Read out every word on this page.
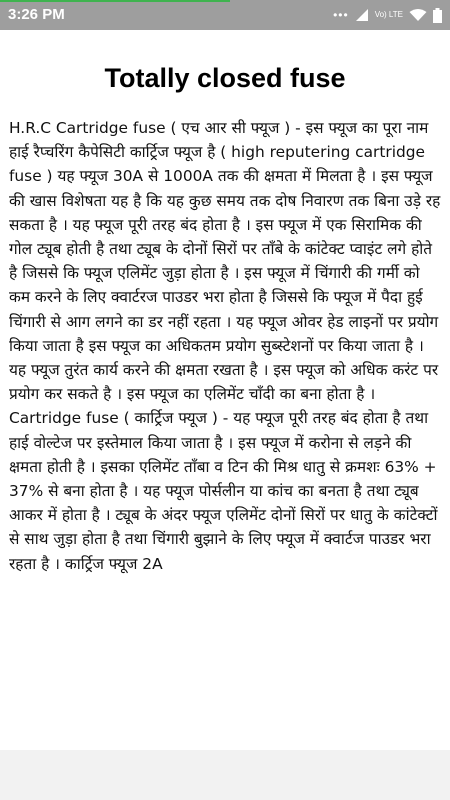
3:26 PM	•••	Vo) LTE
Totally closed fuse
H.R.C Cartridge fuse ( एच आर सी फ्यूज ) - इस फ्यूज का पूरा नाम हाई रैप्चरिंग कैपेसिटी कार्ट्रिज फ्यूज है ( high reputering cartridge fuse ) यह फ्यूज 30A से 1000A तक की क्षमता में मिलता है । इस फ्यूज की खास विशेषता यह है कि यह कुछ समय तक दोष निवारण तक बिना उड़े रह सकता है । यह फ्यूज पूरी तरह बंद होता है । इस फ्यूज में एक सिरामिक की गोल ट्यूब होती है तथा ट्यूब के दोनों सिरों पर ताँबे के कांटेक्ट प्वाइंट लगे होते है जिससे कि फ्यूज एलिमेंट जुड़ा होता है । इस फ्यूज में चिंगारी की गर्मी को कम करने के लिए क्वार्टरज पाउडर भरा होता है जिससे कि फ्यूज में पैदा हुई चिंगारी से आग लगने का डर नहीं रहता । यह फ्यूज ओवर हेड लाइनों पर प्रयोग किया जाता है इस फ्यूज का अधिकतम प्रयोग सुब्स्टेशनों पर किया जाता है । यह फ्यूज तुरंत कार्य करने की क्षमता रखता है । इस फ्यूज को अधिक करंट पर प्रयोग कर सकते है । इस फ्यूज का एलिमेंट चाँदी का बना होता है । Cartridge fuse ( कार्ट्रिज फ्यूज ) - यह फ्यूज पूरी तरह बंद होता है तथा हाई वोल्टेज पर इस्तेमाल किया जाता है । इस फ्यूज में करोना से लड़ने की क्षमता होती है । इसका एलिमेंट ताँबा व टिन की मिश्र धातु से क्रमशः 63% + 37% से बना होता है । यह फ्यूज पोर्सलीन या कांच का बनता है तथा ट्यूब आकर में होता है । ट्यूब के अंदर फ्यूज एलिमेंट दोनों सिरों पर धातु के कांटेक्टों से साथ जुड़ा होता है तथा चिंगारी बुझाने के लिए फ्यूज में क्वार्टज पाउडर भरा रहता है । कार्ट्रिज फ्यूज 2A
